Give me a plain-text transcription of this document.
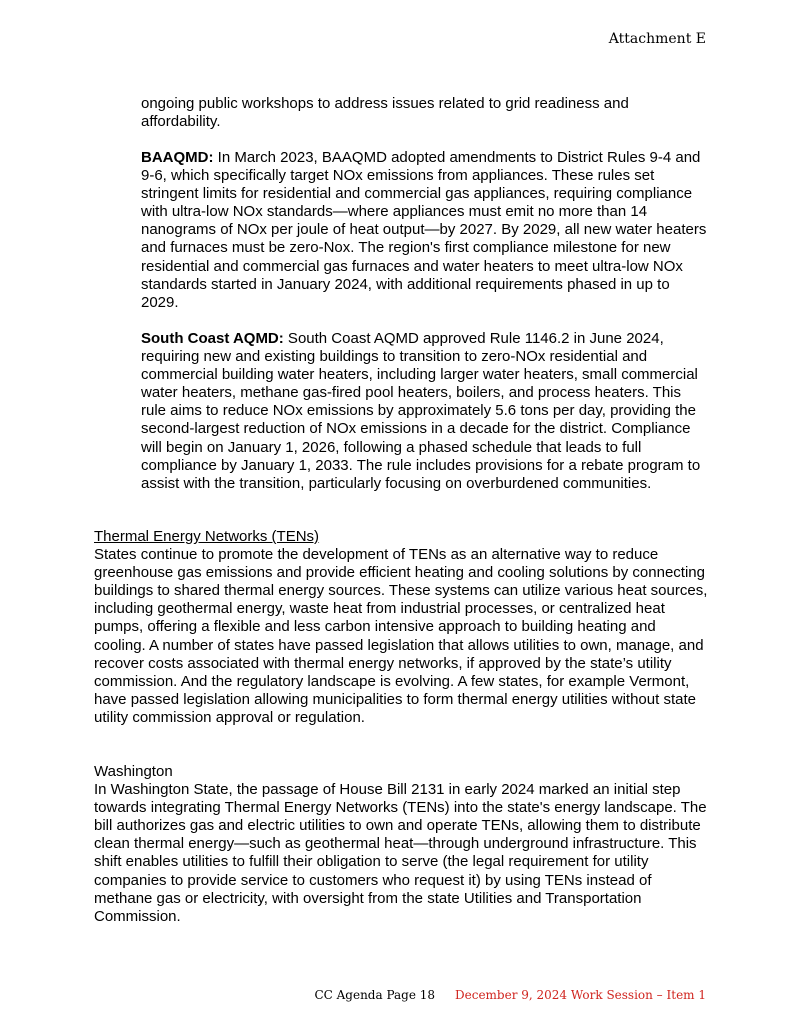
Attachment E

ongoing public workshops to address issues related to grid readiness and affordability.

BAAQMD: In March 2023, BAAQMD adopted amendments to District Rules 9-4 and 9-6, which specifically target NOx emissions from appliances. These rules set stringent limits for residential and commercial gas appliances, requiring compliance with ultra-low NOx standards—where appliances must emit no more than 14 nanograms of NOx per joule of heat output—by 2027. By 2029, all new water heaters and furnaces must be zero-Nox. The region's first compliance milestone for new residential and commercial gas furnaces and water heaters to meet ultra-low NOx standards started in January 2024, with additional requirements phased in up to 2029.

South Coast AQMD: South Coast AQMD approved Rule 1146.2 in June 2024, requiring new and existing buildings to transition to zero-NOx residential and commercial building water heaters, including larger water heaters, small commercial water heaters, methane gas-fired pool heaters, boilers, and process heaters. This rule aims to reduce NOx emissions by approximately 5.6 tons per day, providing the second-largest reduction of NOx emissions in a decade for the district. Compliance will begin on January 1, 2026, following a phased schedule that leads to full compliance by January 1, 2033. The rule includes provisions for a rebate program to assist with the transition, particularly focusing on overburdened communities.

Thermal Energy Networks (TENs)

States continue to promote the development of TENs as an alternative way to reduce greenhouse gas emissions and provide efficient heating and cooling solutions by connecting buildings to shared thermal energy sources. These systems can utilize various heat sources, including geothermal energy, waste heat from industrial processes, or centralized heat pumps, offering a flexible and less carbon intensive approach to building heating and cooling. A number of states have passed legislation that allows utilities to own, manage, and recover costs associated with thermal energy networks, if approved by the state’s utility commission. And the regulatory landscape is evolving. A few states, for example Vermont, have passed legislation allowing municipalities to form thermal energy utilities without state utility commission approval or regulation.

Washington

In Washington State, the passage of House Bill 2131 in early 2024 marked an initial step towards integrating Thermal Energy Networks (TENs) into the state's energy landscape. The bill authorizes gas and electric utilities to own and operate TENs, allowing them to distribute clean thermal energy—such as geothermal heat—through underground infrastructure. This shift enables utilities to fulfill their obligation to serve (the legal requirement for utility companies to provide service to customers who request it) by using TENs instead of methane gas or electricity, with oversight from the state Utilities and Transportation Commission.

CC Agenda Page 18 December 9, 2024 Work Session – Item 1
